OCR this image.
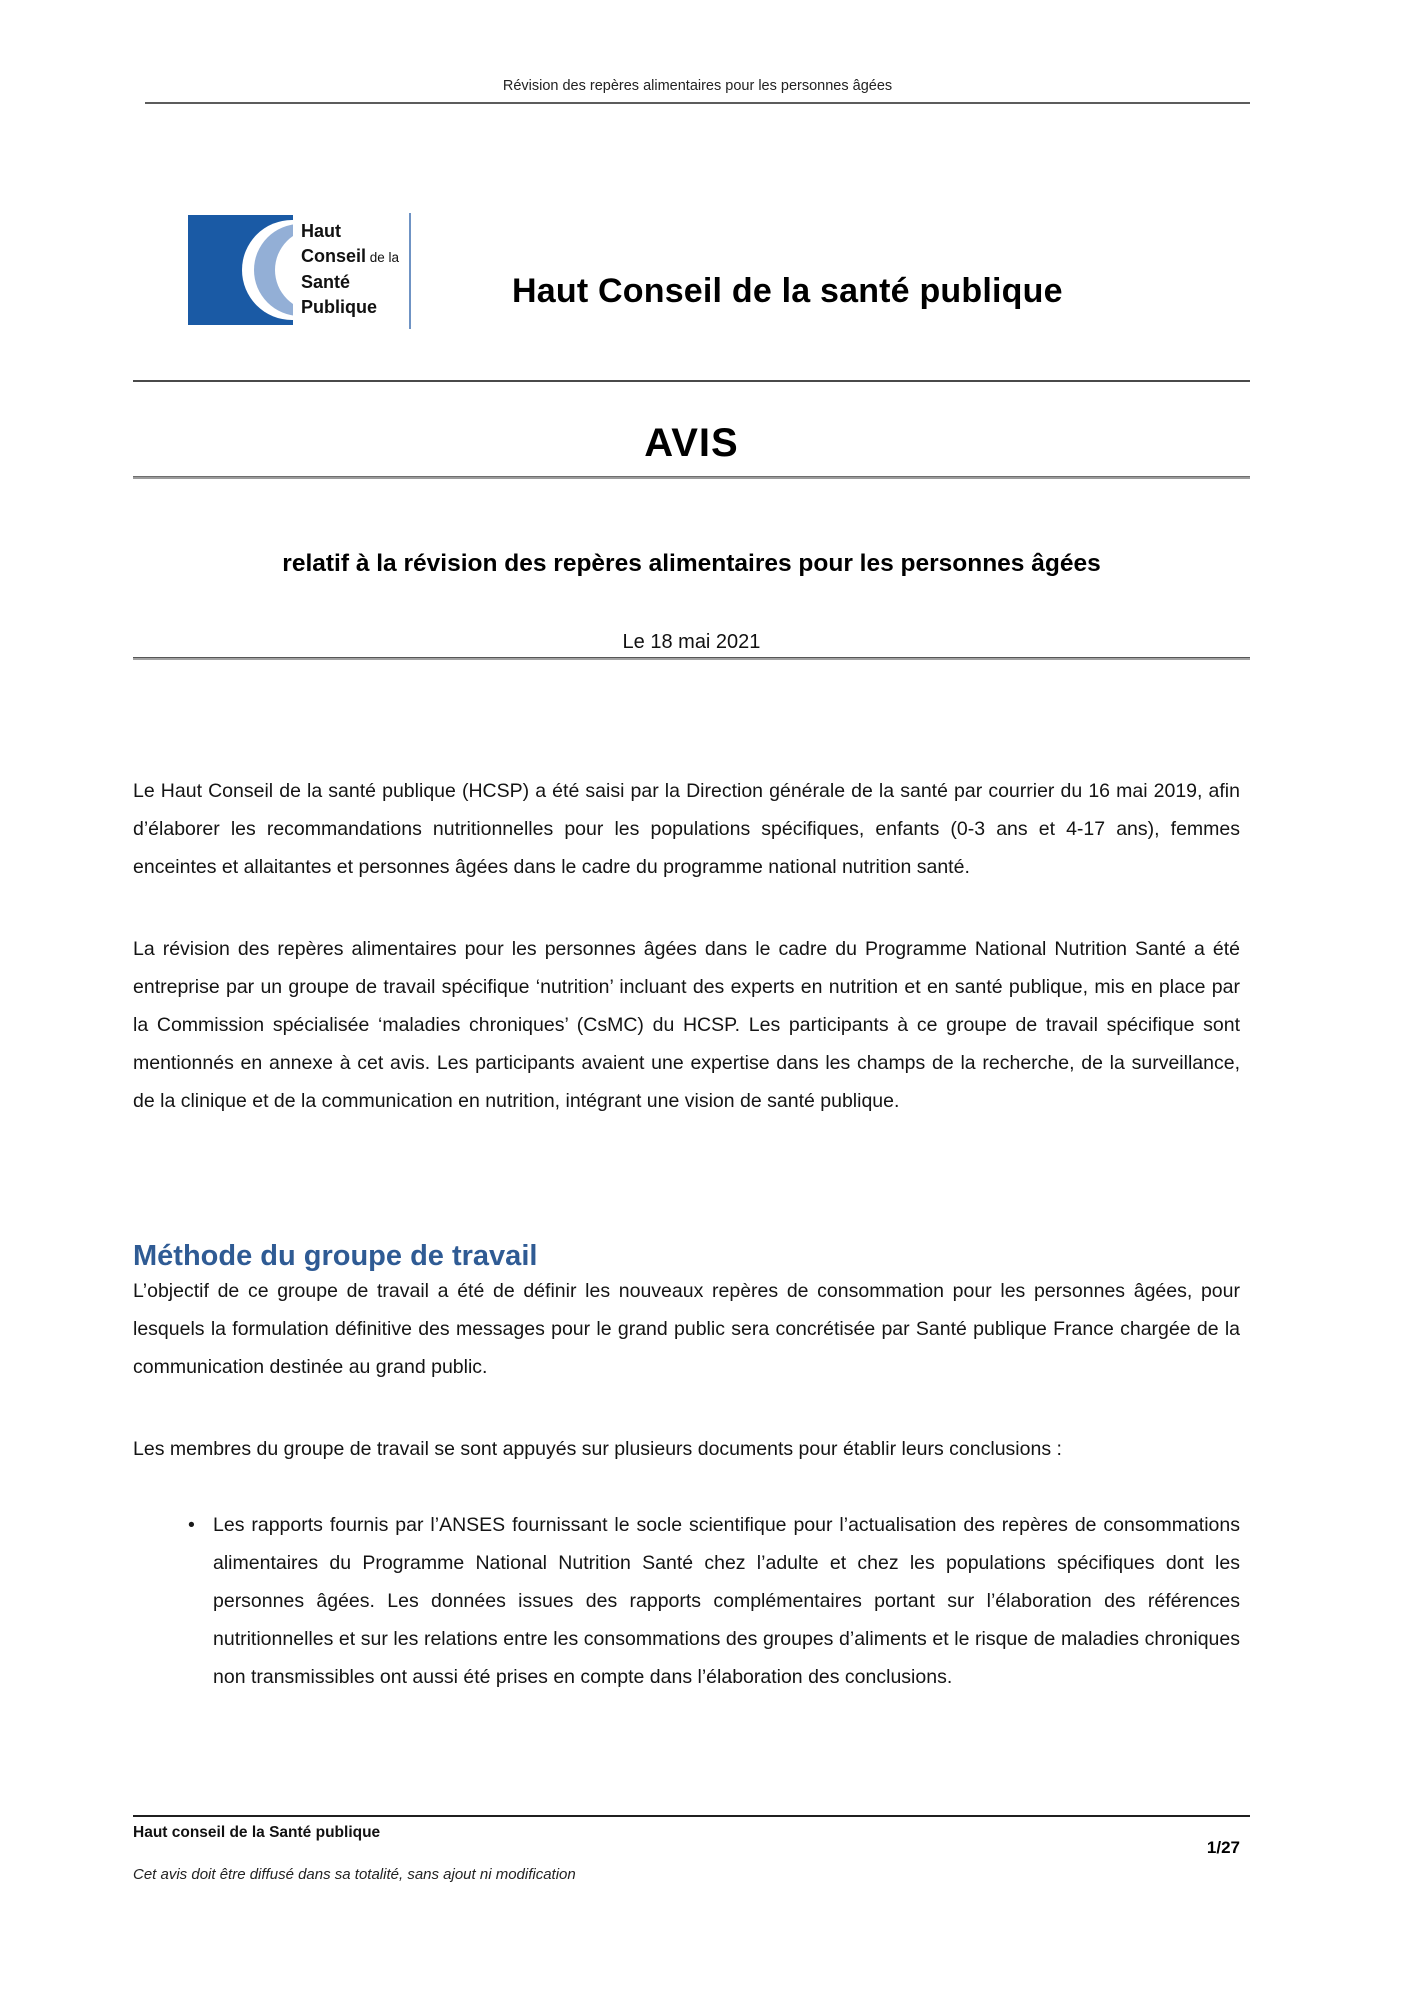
Révision des repères alimentaires pour les personnes âgées
Haut
Conseil de la
Santé
Publique	Haut Conseil de la santé publique
AVIS
relatif à la révision des repères alimentaires pour les personnes âgées
Le 18 mai 2021

Le Haut Conseil de la santé publique (HCSP) a été saisi par la Direction générale de la santé par courrier du 16 mai 2019, afin d’élaborer les recommandations nutritionnelles pour les populations spécifiques, enfants (0-3 ans et 4-17 ans), femmes enceintes et allaitantes et personnes âgées dans le cadre du programme national nutrition santé.

La révision des repères alimentaires pour les personnes âgées dans le cadre du Programme National Nutrition Santé a été entreprise par un groupe de travail spécifique ‘nutrition’ incluant des experts en nutrition et en santé publique, mis en place par la Commission spécialisée ‘maladies chroniques’ (CsMC) du HCSP. Les participants à ce groupe de travail spécifique sont mentionnés en annexe à cet avis. Les participants avaient une expertise dans les champs de la recherche, de la surveillance, de la clinique et de la communication en nutrition, intégrant une vision de santé publique.

Méthode du groupe de travail

L’objectif de ce groupe de travail a été de définir les nouveaux repères de consommation pour les personnes âgées, pour lesquels la formulation définitive des messages pour le grand public sera concrétisée par Santé publique France chargée de la communication destinée au grand public.

Les membres du groupe de travail se sont appuyés sur plusieurs documents pour établir leurs conclusions :

• Les rapports fournis par l’ANSES fournissant le socle scientifique pour l’actualisation des repères de consommations alimentaires du Programme National Nutrition Santé chez l’adulte et chez les populations spécifiques dont les personnes âgées. Les données issues des rapports complémentaires portant sur l’élaboration des références nutritionnelles et sur les relations entre les consommations des groupes d’aliments et le risque de maladies chroniques non transmissibles ont aussi été prises en compte dans l’élaboration des conclusions.
Haut conseil de la Santé publique
1/27
Cet avis doit être diffusé dans sa totalité, sans ajout ni modification
